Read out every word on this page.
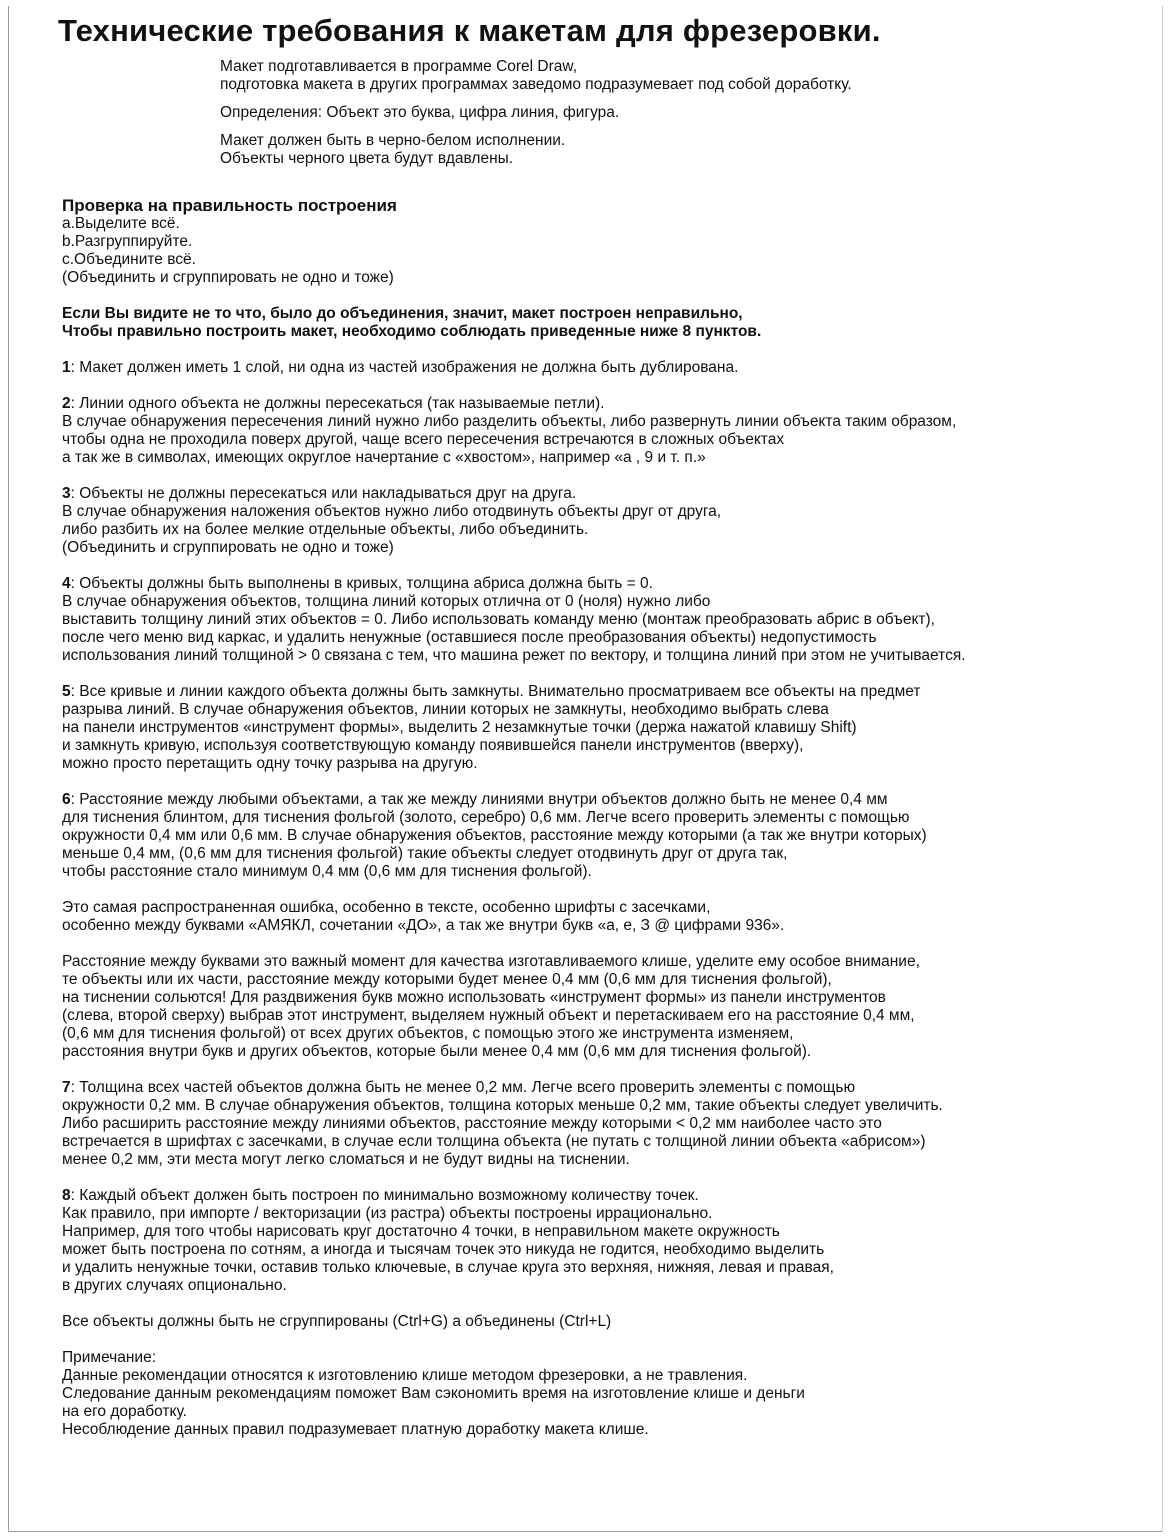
Технические требования к макетам для фрезеровки.
Макет подготавливается в программе Corel Draw,
подготовка макета в других программах заведомо подразумевает под собой доработку.
Определения: Объект это буква, цифра линия, фигура.
Макет должен быть в черно-белом исполнении.
Объекты черного цвета будут вдавлены.
Проверка на правильность построения
a.Выделите всё.
b.Разгруппируйте.
c.Объедините всё.
(Объединить и сгруппировать не одно и тоже)
Если Вы видите не то что, было до объединения, значит, макет построен неправильно,
Чтобы правильно построить макет, необходимо соблюдать приведенные ниже 8 пунктов.
1: Макет должен иметь 1 слой, ни одна из частей изображения не должна быть дублирована.
2: Линии одного объекта не должны пересекаться (так называемые петли).
В случае обнаружения пересечения линий нужно либо разделить объекты, либо развернуть линии объекта таким образом,
чтобы одна не проходила поверх другой, чаще всего пересечения встречаются в сложных объектах
а так же в символах, имеющих округлое начертание с «хвостом», например «а , 9 и т. п.»
3: Объекты не должны пересекаться или накладываться друг на друга.
В случае обнаружения наложения объектов нужно либо отодвинуть объекты друг от друга,
либо разбить их на более мелкие отдельные объекты, либо объединить.
(Объединить и сгруппировать не одно и тоже)
4: Объекты должны быть выполнены в кривых, толщина абриса должна быть = 0.
В случае обнаружения объектов, толщина линий которых отлична от 0 (ноля) нужно либо
выставить толщину линий этих объектов = 0. Либо использовать команду меню (монтаж преобразовать абрис в объект),
после чего меню вид каркас, и удалить ненужные (оставшиеся после преобразования объекты) недопустимость
использования линий толщиной > 0 связана с тем, что машина режет по вектору, и толщина линий при этом не учитывается.
5: Все кривые и линии каждого объекта должны быть замкнуты. Внимательно просматриваем все объекты на предмет
разрыва линий. В случае обнаружения объектов, линии которых не замкнуты, необходимо выбрать слева
на панели инструментов «инструмент формы», выделить 2 незамкнутые точки (держа нажатой клавишу Shift)
и замкнуть кривую, используя соответствующую команду появившейся панели инструментов (вверху),
можно просто перетащить одну точку разрыва на другую.
6: Расстояние между любыми объектами, а так же между линиями внутри объектов должно быть не менее 0,4 мм
для тиснения блинтом, для тиснения фольгой (золото, серебро) 0,6 мм. Легче всего проверить элементы с помощью
окружности 0,4 мм или 0,6 мм. В случае обнаружения объектов, расстояние между которыми (а так же внутри которых)
меньше 0,4 мм, (0,6 мм для тиснения фольгой) такие объекты следует отодвинуть друг от друга так,
чтобы расстояние стало минимум 0,4 мм (0,6 мм для тиснения фольгой).
Это самая распространенная ошибка, особенно в тексте, особенно шрифты с засечками,
особенно между буквами «АМЯКЛ, сочетании «ДО», а так же внутри букв «а, е, З @ цифрами 936».
Расстояние между буквами это важный момент для качества изготавливаемого клише, уделите ему особое внимание,
те объекты или их части, расстояние между которыми будет менее 0,4 мм (0,6 мм для тиснения фольгой),
на тиснении сольются! Для раздвижения букв можно использовать «инструмент формы» из панели инструментов
(слева, второй сверху) выбрав этот инструмент, выделяем нужный объект и перетаскиваем его на расстояние 0,4 мм,
(0,6 мм для тиснения фольгой) от всех других объектов, с помощью этого же инструмента изменяем,
расстояния внутри букв и других объектов, которые были менее 0,4 мм (0,6 мм для тиснения фольгой).
7: Толщина всех частей объектов должна быть не менее 0,2 мм. Легче всего проверить элементы с помощью
окружности 0,2 мм. В случае обнаружения объектов, толщина которых меньше 0,2 мм, такие объекты следует увеличить.
Либо расширить расстояние между линиями объектов, расстояние между которыми < 0,2 мм наиболее часто это
встречается в шрифтах с засечками, в случае если толщина объекта (не путать с толщиной линии объекта «абрисом»)
менее 0,2 мм, эти места могут легко сломаться и не будут видны на тиснении.
8: Каждый объект должен быть построен по минимально возможному количеству точек.
Как правило, при импорте / векторизации (из растра) объекты построены иррационально.
Например, для того чтобы нарисовать круг достаточно 4 точки, в неправильном макете окружность
может быть построена по сотням, а иногда и тысячам точек это никуда не годится, необходимо выделить
и удалить ненужные точки, оставив только ключевые, в случае круга это верхняя, нижняя, левая и правая,
в других случаях опционально.
Все объекты должны быть не сгруппированы (Ctrl+G) а объединены (Ctrl+L)
Примечание:
Данные рекомендации относятся к изготовлению клише методом фрезеровки, а не травления.
Следование данным рекомендациям поможет Вам сэкономить время на изготовление клише и деньги
на его доработку.
Несоблюдение данных правил подразумевает платную доработку макета клише.
